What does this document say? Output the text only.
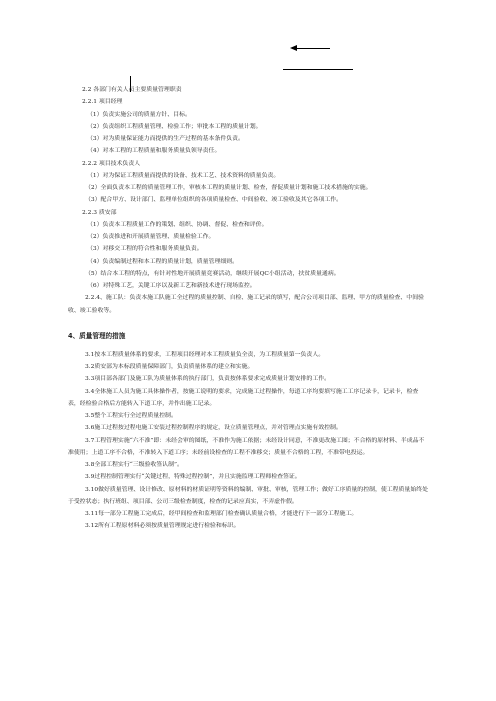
2.2 各部门有关人员主要质量管理职责
2.2.1 项目经理
（1）负责实施公司的质量方针、目标。
（2）负责组织工程质量管理、检验工作；审批本工程的质量计划。
（3）对为质量保证能力而提供的生产过程的基本条件负责。
（4）对本工程的工程质量和服务质量负领导责任。
2.2.2 项目技术负责人
（1）对为保证工程质量而提供的设备、技术工艺、技术资料的质量负责。
（2）全面负责本工程的质量管理工作，审核本工程的质量计划、检查，督促质量计划和施工技术措施的实施。
（3）配合甲方、设计部门、监理单位组织的各项质量检查、中间验收、竣工验收及其它各项工作。
2.2.3 质安部
（1）负责本工程质量工作的策划、组织、协调、督促、检查和评价。
（2）负责推进和开展质量管理、质量检验工作。
（3）对移交工程的符合性和服务质量负责。
（4）负责编制过程和本工程的质量计划，质量管理细则。
（5）结合本工程的特点，有针对性地开展质量竞赛活动，继续开展QC小组活动，扶贫质量通病。
（6）对特殊工艺，关键工序以及新工艺和新技术进行现场监控。
2.2.4、施工队：负责本施工队施工全过程的质量控制、自检、施工记录的填写，配合公司项目部、监理、甲方的质量检查、中间验收、竣工验收等。
4、质量管理的措施
3.1按本工程质量体系的要求，工程项目经理对本工程质量负全责，为工程质量第一负责人。
3.2质安部为本标段质量保障部门，负责质量体系的建立和实施。
3.3项目部各部门及施工队为质量体系的执行部门，负责按体系要求完成质量计划安排的工作。
3.4全体施工人员为施工具体操作者，按施工说明的要求，完成施工过程操作，每道工序均要填写施工工序记录卡，记录卡，检查表，经检验合格后方能转入下道工序，并作出施工记录。
3.5整个工程实行全过程质量控制。
3.6施工过程按过程电施工安装过程控制程序的规定，设立质量管理点，并对管理点实施有效控制。
3.7工程管理实施“六不准”即：未经会审的图纸，不准作为施工依据；未经设计同意，不准更改施工图；不合格的原材料、半成品不准使用；上道工序不合格，不准转入下道工序；未经前设检查的工程不准移交；质量不合格的工程，不准带电投运。
3.8全部工程实行“三级验收签认制”。
3.9过程控制管理实行“关键过程，特殊过程控制”，并且实施监理工程师检查签证。
3.10做好质量管理、设计修改、原材料的材质证明等资料的编制、审批、审核，管理工作；做好工序质量的控制，使工程质量始终处于受控状态；执行班组、项目部、公司三级检查制度，检查的记录应真实，不弄虚作假。
3.11每一部分工程施工完成后，经甲间检查和监理部门检查确认质量合格，才能进行下一部分工程施工。
3.12所有工程原材料必须按质量管理规定进行检验和标识。
